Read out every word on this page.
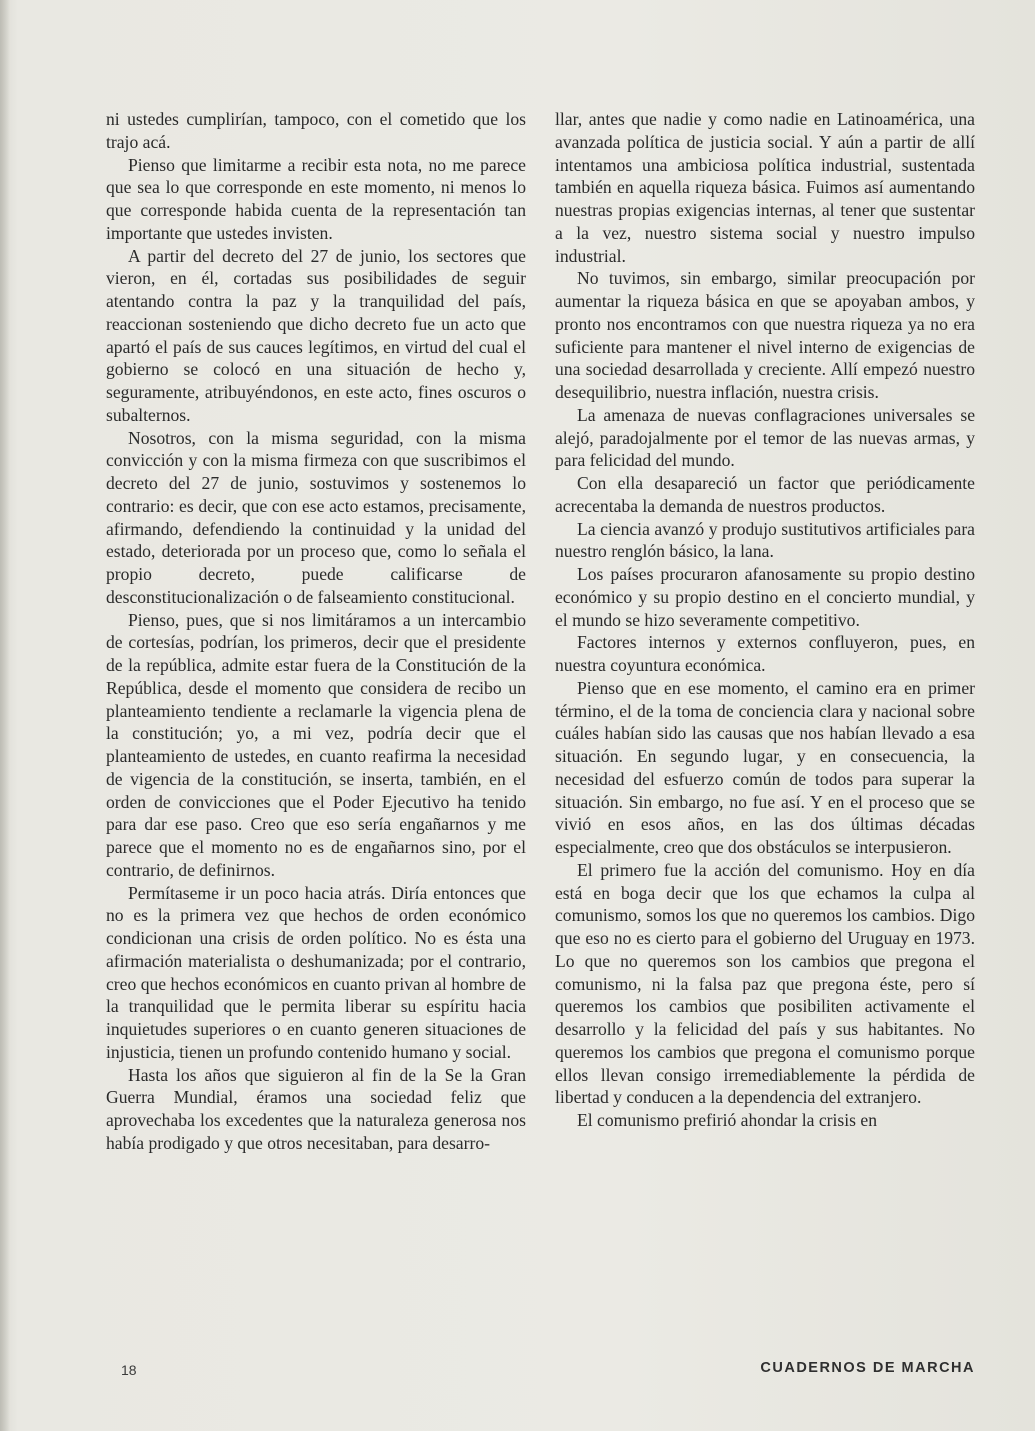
ni ustedes cumplirían, tampoco, con el cometido que los trajo acá.

Pienso que limitarme a recibir esta nota, no me parece que sea lo que corresponde en este momento, ni menos lo que corresponde habida cuenta de la representación tan importante que ustedes invisten.

A partir del decreto del 27 de junio, los sectores que vieron, en él, cortadas sus posibilidades de seguir atentando contra la paz y la tranquilidad del país, reaccionan sosteniendo que dicho decreto fue un acto que apartó el país de sus cauces legítimos, en virtud del cual el gobierno se colocó en una situación de hecho y, seguramente, atribuyéndonos, en este acto, fines oscuros o subalternos.

Nosotros, con la misma seguridad, con la misma convicción y con la misma firmeza con que suscribimos el decreto del 27 de junio, sostuvimos y sostenemos lo contrario: es decir, que con ese acto estamos, precisamente, afirmando, defendiendo la continuidad y la unidad del estado, deteriorada por un proceso que, como lo señala el propio decreto, puede calificarse de desconstitucionalización o de falseamiento constitucional.

Pienso, pues, que si nos limitáramos a un intercambio de cortesías, podrían, los primeros, decir que el presidente de la república, admite estar fuera de la Constitución de la República, desde el momento que considera de recibo un planteamiento tendiente a reclamarle la vigencia plena de la constitución; yo, a mi vez, podría decir que el planteamiento de ustedes, en cuanto reafirma la necesidad de vigencia de la constitución, se inserta, también, en el orden de convicciones que el Poder Ejecutivo ha tenido para dar ese paso. Creo que eso sería engañarnos y me parece que el momento no es de engañarnos sino, por el contrario, de definirnos.

Permítaseme ir un poco hacia atrás. Diría entonces que no es la primera vez que hechos de orden económico condicionan una crisis de orden político. No es ésta una afirmación materialista o deshumanizada; por el contrario, creo que hechos económicos en cuanto privan al hombre de la tranquilidad que le permita liberar su espíritu hacia inquietudes superiores o en cuanto generen situaciones de injusticia, tienen un profundo contenido humano y social.

Hasta los años que siguieron al fin de la Se la Gran Guerra Mundial, éramos una sociedad feliz que aprovechaba los excedentes que la naturaleza generosa nos había prodigado y que otros necesitaban, para desarro-

llar, antes que nadie y como nadie en Latinoamérica, una avanzada política de justicia social. Y aún a partir de allí intentamos una ambiciosa política industrial, sustentada también en aquella riqueza básica. Fuimos así aumentando nuestras propias exigencias internas, al tener que sustentar a la vez, nuestro sistema social y nuestro impulso industrial.

No tuvimos, sin embargo, similar preocupación por aumentar la riqueza básica en que se apoyaban ambos, y pronto nos encontramos con que nuestra riqueza ya no era suficiente para mantener el nivel interno de exigencias de una sociedad desarrollada y creciente. Allí empezó nuestro desequilibrio, nuestra inflación, nuestra crisis.

La amenaza de nuevas conflagraciones universales se alejó, paradojalmente por el temor de las nuevas armas, y para felicidad del mundo.

Con ella desapareció un factor que periódicamente acrecentaba la demanda de nuestros productos.

La ciencia avanzó y produjo sustitutivos artificiales para nuestro renglón básico, la lana.

Los países procuraron afanosamente su propio destino económico y su propio destino en el concierto mundial, y el mundo se hizo severamente competitivo.

Factores internos y externos confluyeron, pues, en nuestra coyuntura económica.

Pienso que en ese momento, el camino era en primer término, el de la toma de conciencia clara y nacional sobre cuáles habían sido las causas que nos habían llevado a esa situación. En segundo lugar, y en consecuencia, la necesidad del esfuerzo común de todos para superar la situación. Sin embargo, no fue así. Y en el proceso que se vivió en esos años, en las dos últimas décadas especialmente, creo que dos obstáculos se interpusieron.

El primero fue la acción del comunismo. Hoy en día está en boga decir que los que echamos la culpa al comunismo, somos los que no queremos los cambios. Digo que eso no es cierto para el gobierno del Uruguay en 1973. Lo que no queremos son los cambios que pregona el comunismo, ni la falsa paz que pregona éste, pero sí queremos los cambios que posibiliten activamente el desarrollo y la felicidad del país y sus habitantes. No queremos los cambios que pregona el comunismo porque ellos llevan consigo irremediablemente la pérdida de libertad y conducen a la dependencia del extranjero.

El comunismo prefirió ahondar la crisis en

18	CUADERNOS DE MARCHA
